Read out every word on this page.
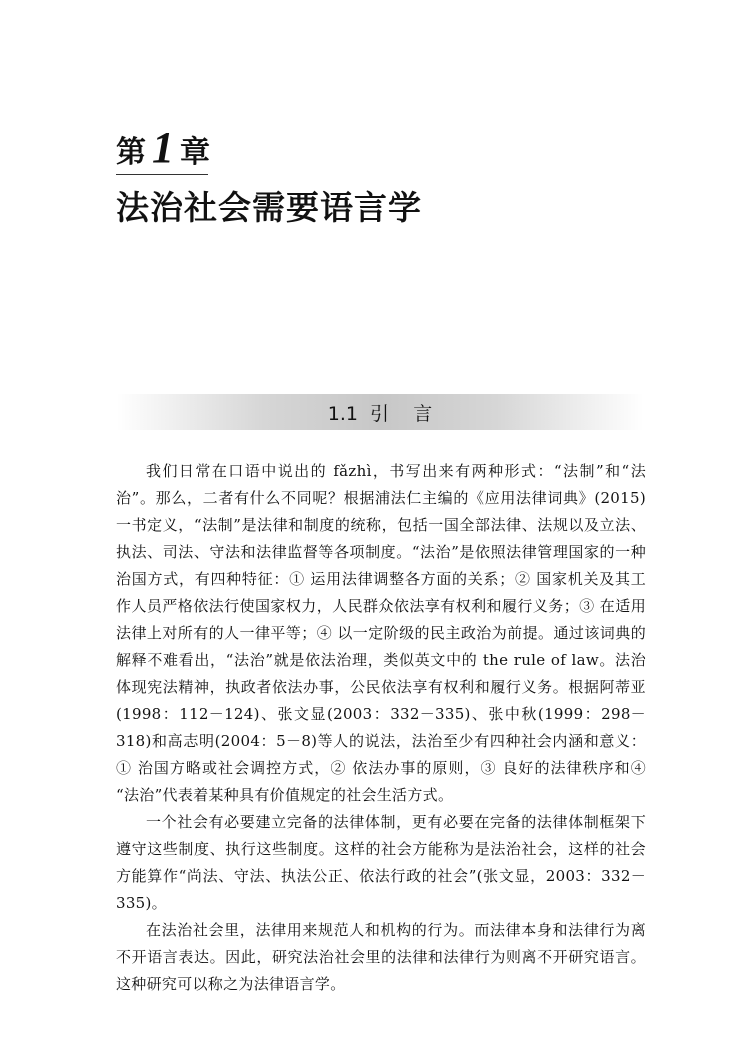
第 1 章
法治社会需要语言学
1.1  引    言

我们日常在口语中说出的 fǎzhì，书写出来有两种形式：“法制”和“法治”。那么，二者有什么不同呢？根据浦法仁主编的《应用法律词典》(2015)一书定义，“法制”是法律和制度的统称，包括一国全部法律、法规以及立法、执法、司法、守法和法律监督等各项制度。“法治”是依照法律管理国家的一种治国方式，有四种特征：① 运用法律调整各方面的关系；② 国家机关及其工作人员严格依法行使国家权力，人民群众依法享有权利和履行义务；③ 在适用法律上对所有的人一律平等；④ 以一定阶级的民主政治为前提。通过该词典的解释不难看出，“法治”就是依法治理，类似英文中的 the rule of law。法治体现宪法精神，执政者依法办事，公民依法享有权利和履行义务。根据阿蒂亚(1998：112－124)、张文显(2003：332－335)、张中秋(1999：298－318)和高志明(2004：5－8)等人的说法，法治至少有四种社会内涵和意义：① 治国方略或社会调控方式，② 依法办事的原则，③ 良好的法律秩序和④ “法治”代表着某种具有价值规定的社会生活方式。

一个社会有必要建立完备的法律体制，更有必要在完备的法律体制框架下遵守这些制度、执行这些制度。这样的社会方能称为是法治社会，这样的社会方能算作“尚法、守法、执法公正、依法行政的社会”(张文显，2003：332－335)。

在法治社会里，法律用来规范人和机构的行为。而法律本身和法律行为离不开语言表达。因此，研究法治社会里的法律和法律行为则离不开研究语言。这种研究可以称之为法律语言学。
